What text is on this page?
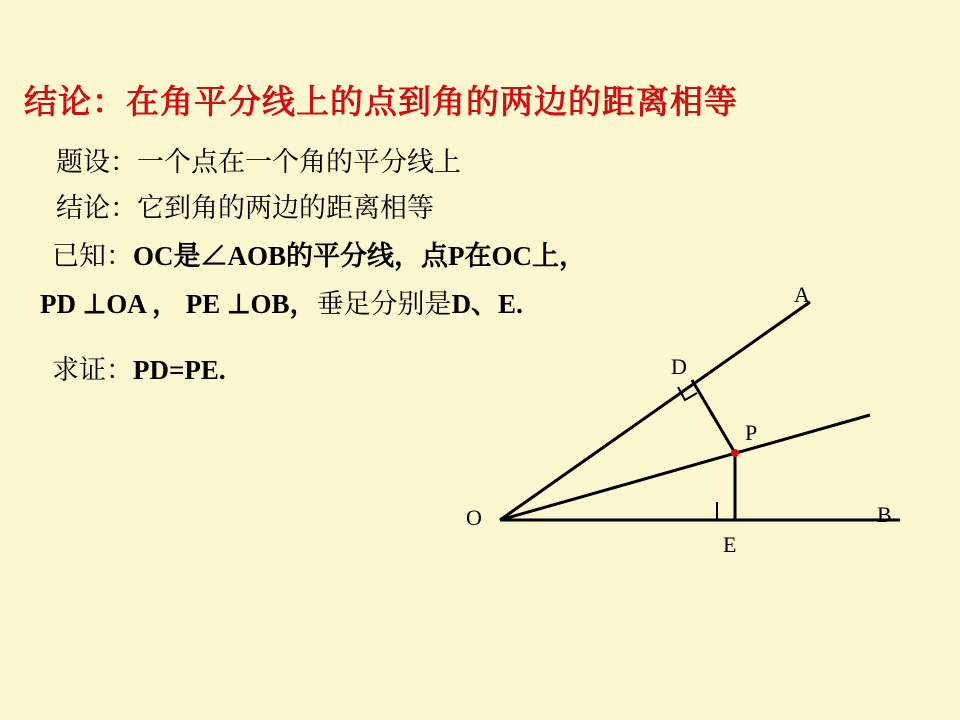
结论：在角平分线上的点到角的两边的距离相等
题设：一个点在一个角的平分线上
结论：它到角的两边的距离相等
已知：OC是∠AOB的平分线，点P在OC上，
PD ⊥OA ， PE ⊥OB，垂足分别是D、E.
求证：PD=PE.
A
B
D
E
O
P
